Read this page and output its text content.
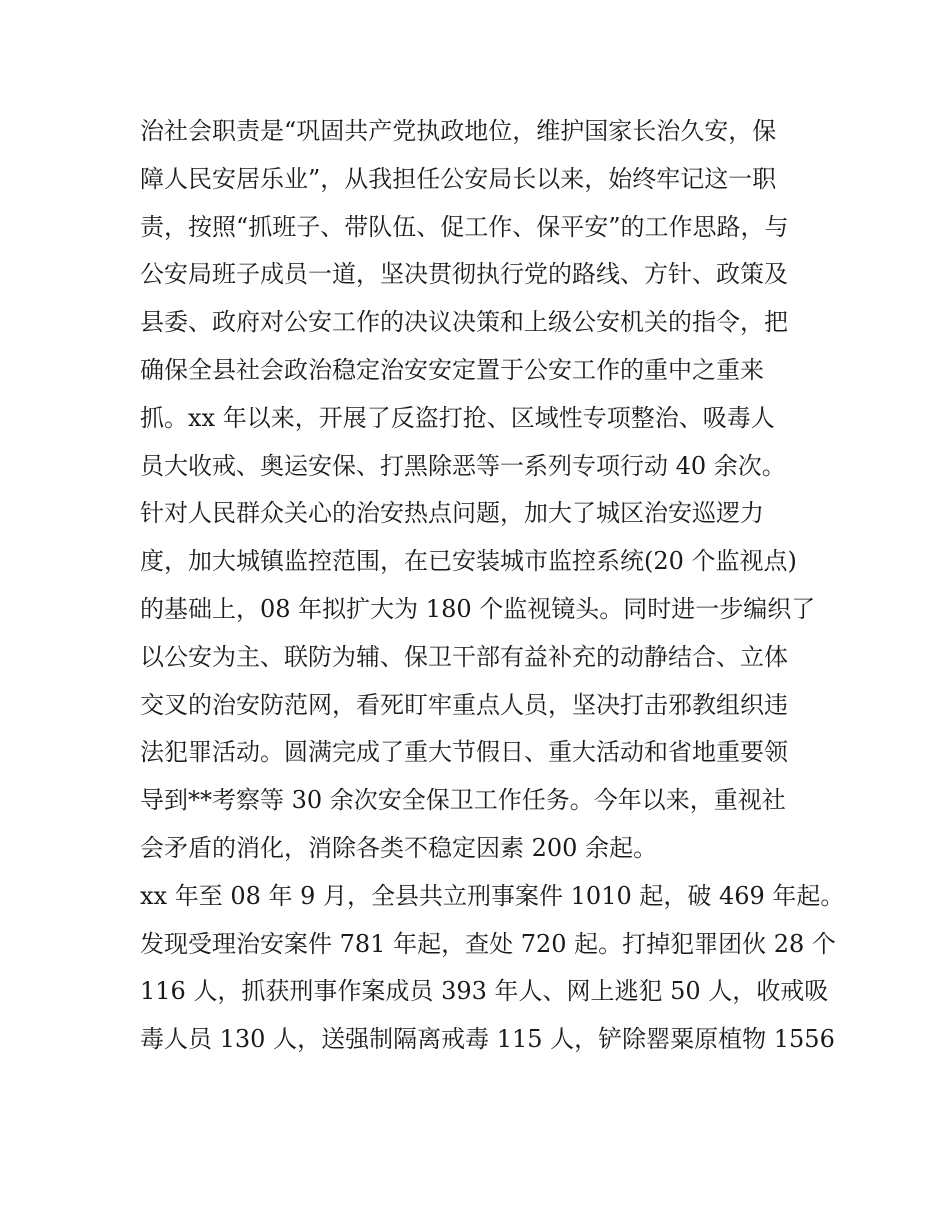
治社会职责是“巩固共产党执政地位，维护国家长治久安，保
障人民安居乐业”，从我担任公安局长以来，始终牢记这一职
责，按照“抓班子、带队伍、促工作、保平安”的工作思路，与
公安局班子成员一道，坚决贯彻执行党的路线、方针、政策及
县委、政府对公安工作的决议决策和上级公安机关的指令，把
确保全县社会政治稳定治安安定置于公安工作的重中之重来
抓。xx 年以来，开展了反盗打抢、区域性专项整治、吸毒人
员大收戒、奥运安保、打黑除恶等一系列专项行动 40 余次。
针对人民群众关心的治安热点问题，加大了城区治安巡逻力
度，加大城镇监控范围，在已安装城市监控系统(20 个监视点)
的基础上，08 年拟扩大为 180 个监视镜头。同时进一步编织了
以公安为主、联防为辅、保卫干部有益补充的动静结合、立体
交叉的治安防范网，看死盯牢重点人员，坚决打击邪教组织违
法犯罪活动。圆满完成了重大节假日、重大活动和省地重要领
导到**考察等 30 余次安全保卫工作任务。今年以来，重视社
会矛盾的消化，消除各类不稳定因素 200 余起。
xx 年至 08 年 9 月，全县共立刑事案件 1010 起，破 469 年起。
发现受理治安案件 781 年起，查处 720 起。打掉犯罪团伙 28 个
116 人，抓获刑事作案成员 393 年人、网上逃犯 50 人，收戒吸
毒人员 130 人，送强制隔离戒毒 115 人，铲除罂粟原植物 1556
